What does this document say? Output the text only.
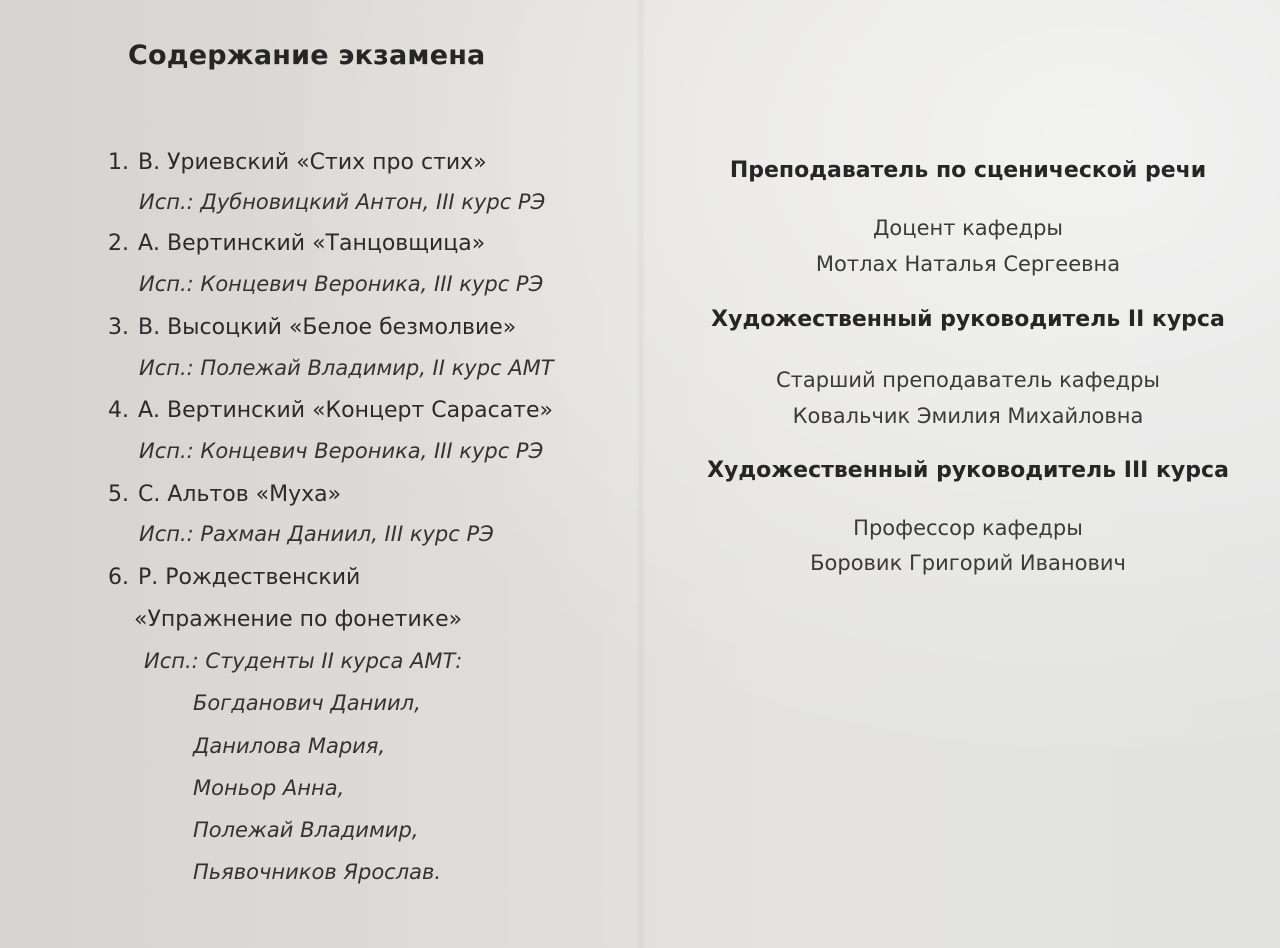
Содержание экзамена
1. В. Уриевский «Стих про стих»
Исп.: Дубновицкий Антон, III курс РЭ
2. А. Вертинский «Танцовщица»
Исп.: Концевич Вероника, III курс РЭ
3. В. Высоцкий «Белое безмолвие»
Исп.: Полежай Владимир, II курс АМТ
4. А. Вертинский «Концерт Сарасате»
Исп.: Концевич Вероника, III курс РЭ
5. С. Альтов «Муха»
Исп.: Рахман Даниил, III курс РЭ
6. Р. Рождественский
«Упражнение по фонетике»
Исп.: Студенты II курса АМТ:
Богданович Даниил,
Данилова Мария,
Моньор Анна,
Полежай Владимир,
Пьявочников Ярослав.
Преподаватель по сценической речи
Доцент кафедры
Мотлах Наталья Сергеевна
Художественный руководитель II курса
Старший преподаватель кафедры
Ковальчик Эмилия Михайловна
Художественный руководитель III курса
Профессор кафедры
Боровик Григорий Иванович
